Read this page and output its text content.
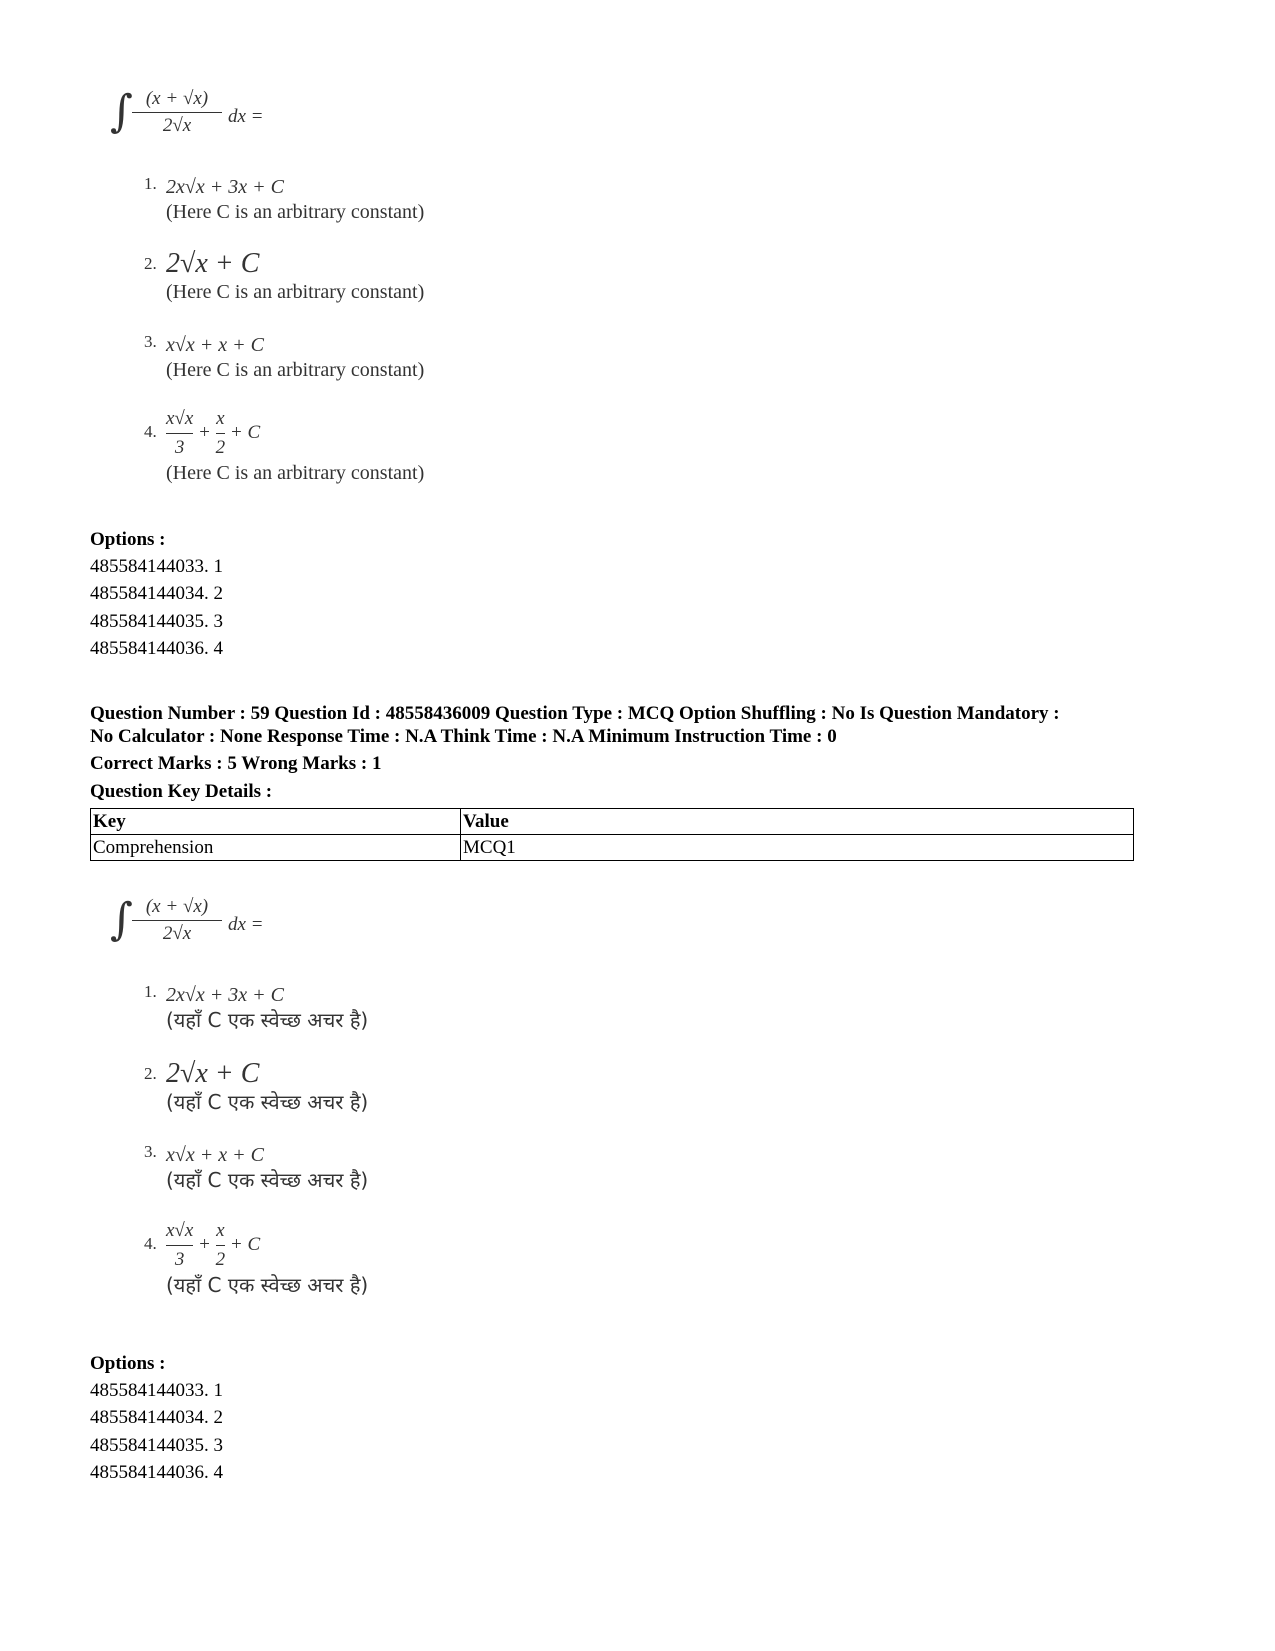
∫ (x + √x)
2√x	dx =
1. 2x√x + 3x + C
(Here C is an arbitrary constant)
2. 2√x + C
(Here C is an arbitrary constant)
3. x√x + x + C
(Here C is an arbitrary constant)
4. $\frac{x√x}{3} + \frac{x}{2} + C$
(Here C is an arbitrary constant)
Options :
485584144033. 1
485584144034. 2
485584144035. 3
485584144036. 4
Question Number : 59 Question Id : 48558436009 Question Type : MCQ Option Shuffling : No Is Question Mandatory :
No Calculator : None Response Time : N.A Think Time : N.A Minimum Instruction Time : 0
Correct Marks : 5 Wrong Marks : 1
Question Key Details :
Key	Value
Comprehension	MCQ1
∫ (x + √x)
2√x	dx =
1. 2x√x + 3x + C
(यहाँ C एक स्वेच्छ अचर है)
2. 2√x + C
(यहाँ C एक स्वेच्छ अचर है)
3. x√x + x + C
(यहाँ C एक स्वेच्छ अचर है)
4. $\frac{x√x}{3} + \frac{x}{2} + C$
(यहाँ C एक स्वेच्छ अचर है)
Options :
485584144033. 1
485584144034. 2
485584144035. 3
485584144036. 4
